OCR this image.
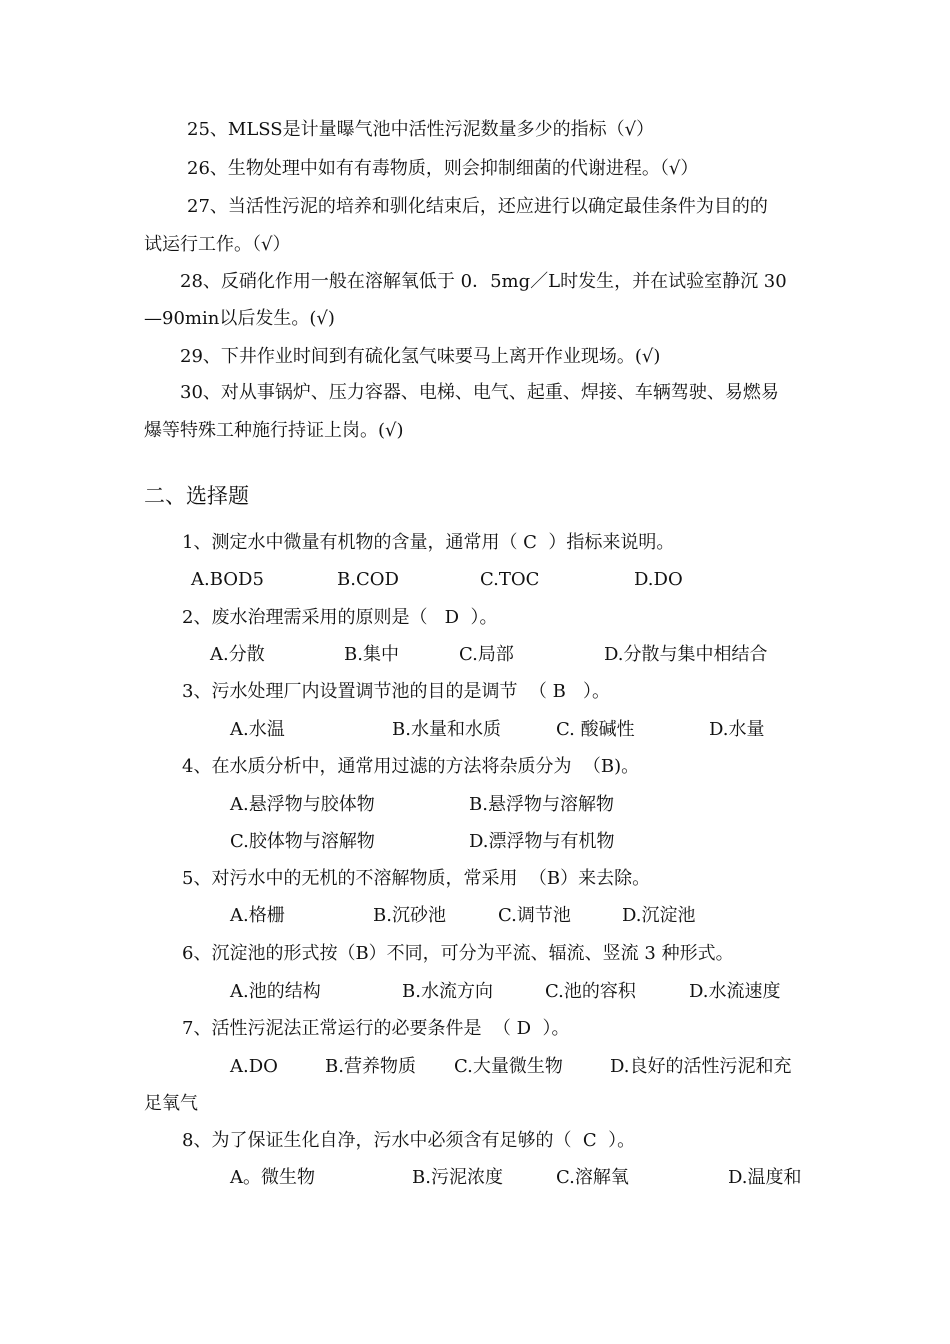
25、MLSS是计量曝气池中活性污泥数量多少的指标（√）
26、生物处理中如有有毒物质，则会抑制细菌的代谢进程。（√）
27、当活性污泥的培养和驯化结束后，还应进行以确定最佳条件为目的的
试运行工作。（√）
28、反硝化作用一般在溶解氧低于 0．5mg／L时发生，并在试验室静沉 30
—90min以后发生。(√)
29、下井作业时间到有硫化氢气味要马上离开作业现场。(√)
30、对从事锅炉、压力容器、电梯、电气、起重、焊接、车辆驾驶、易燃易
爆等特殊工种施行持证上岗。(√)
二、选择题
1、测定水中微量有机物的含量，通常用（ C  ）指标来说明。
A.BOD5	B.COD	C.TOC	D.DO
2、废水治理需采用的原则是（   D  ）。
A.分散	B.集中	C.局部	D.分散与集中相结合
3、污水处理厂内设置调节池的目的是调节  （ B   ）。
A.水温	B.水量和水质	C. 酸碱性	D.水量
4、在水质分析中，通常用过滤的方法将杂质分为  （B)。
A.悬浮物与胶体物	B.悬浮物与溶解物
C.胶体物与溶解物	D.漂浮物与有机物
5、对污水中的无机的不溶解物质，常采用  （B）来去除。
A.格栅	B.沉砂池	C.调节池	D.沉淀池
6、沉淀池的形式按（B）不同，可分为平流、辐流、竖流 3 种形式。
A.池的结构	B.水流方向	C.池的容积	D.水流速度
7、活性污泥法正常运行的必要条件是  （ D  ）。
A.DO	B.营养物质 C.大量微生物	D.良好的活性污泥和充
足氧气
8、为了保证生化自净，污水中必须含有足够的（  C  ）。
A。微生物	B.污泥浓度	C.溶解氧	D.温度和
